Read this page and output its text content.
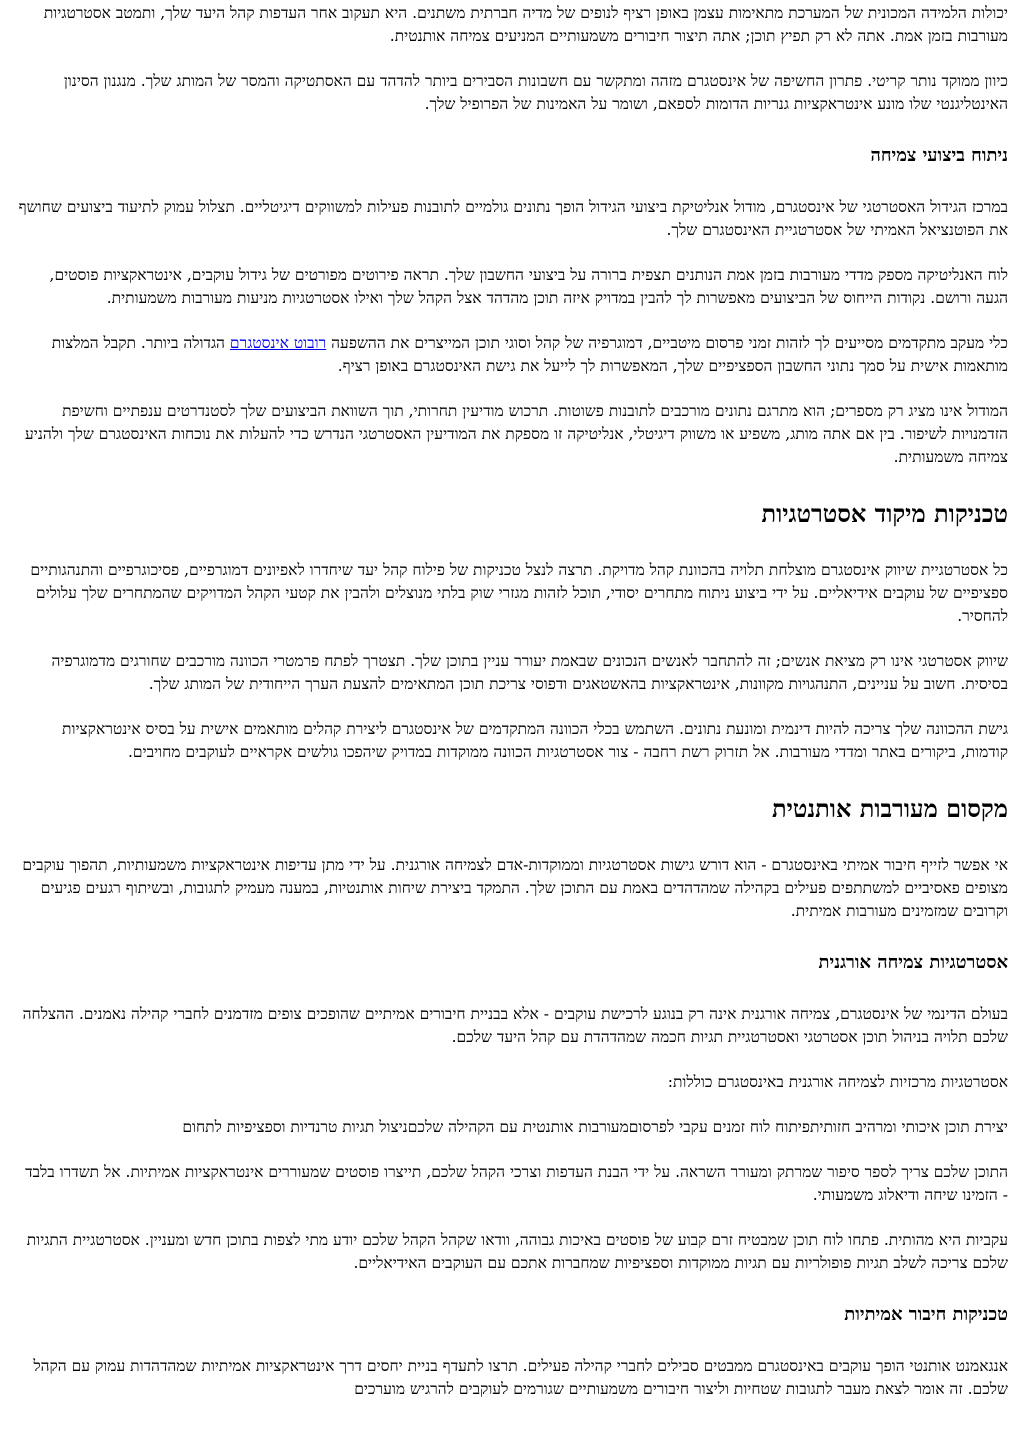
יכולות הלמידה המכונית של המערכת מתאימות עצמן באופן רציף לנופים של מדיה חברתית משתנים. היא תעקוב אחר העדפות קהל היעד שלך, ותמטב אסטרטגיות מעורבות בזמן אמת. אתה לא רק תפיץ תוכן; אתה תיצור חיבורים משמעותיים המניעים צמיחה אותנטית.

כיוון ממוקד נותר קריטי. פתרון החשיפה של אינסטגרם מזהה ומתקשר עם חשבונות הסבירים ביותר להדהד עם האסתטיקה והמסר של המותג שלך. מנגנון הסינון האינטליגנטי שלו מונע אינטראקציות גנריות הדומות לספאם, ושומר על האמינות של הפרופיל שלך.

ניתוח ביצועי צמיחה

במרכז הגידול האסטרטגי של אינסטגרם, מודול אנליטיקת ביצועי הגידול הופך נתונים גולמיים לתובנות פעילות למשווקים דיגיטליים. תצלול עמוק לתיעוד ביצועים שחושף את הפוטנציאל האמיתי של אסטרטגיית האינסטגרם שלך.

לוח האנליטיקה מספק מדדי מעורבות בזמן אמת הנותנים תצפית ברורה על ביצועי החשבון שלך. תראה פירוטים מפורטים של גידול עוקבים, אינטראקציות פוסטים, הגעה ורושם. נקודות הייחוס של הביצועים מאפשרות לך להבין במדויק איזה תוכן מהדהד אצל הקהל שלך ואילו אסטרטגיות מניעות מעורבות משמעותית.

כלי מעקב מתקדמים מסייעים לך לזהות זמני פרסום מיטביים, דמוגרפיה של קהל וסוגי תוכן המייצרים את ההשפעה רובוט אינסטגרם הגדולה ביותר. תקבל המלצות מותאמות אישית על סמך נתוני החשבון הספציפיים שלך, המאפשרות לך לייעל את גישת האינסטגרם באופן רציף.

המודול אינו מציג רק מספרים; הוא מתרגם נתונים מורכבים לתובנות פשוטות. תרכוש מודיעין תחרותי, תוך השוואת הביצועים שלך לסטנדרטים ענפתיים וחשיפת הזדמנויות לשיפור. בין אם אתה מותג, משפיע או משווק דיגיטלי, אנליטיקה זו מספקת את המודיעין האסטרטגי הנדרש כדי להעלות את נוכחות האינסטגרם שלך ולהניע צמיחה משמעותית.

טכניקות מיקוד אסטרטגיות

כל אסטרטגיית שיווק אינסטגרם מוצלחת תלויה בהכוונת קהל מדויקת. תרצה לנצל טכניקות של פילוח קהל יעד שיחדרו לאפיונים דמוגרפיים, פסיכוגרפיים והתנהגותיים ספציפיים של עוקבים אידיאליים. על ידי ביצוע ניתוח מתחרים יסודי, תוכל לזהות מגזרי שוק בלתי מנוצלים ולהבין את קטעי הקהל המדויקים שהמתחרים שלך עלולים להחסיר.

שיווק אסטרטגי אינו רק מציאת אנשים; זה להתחבר לאנשים הנכונים שבאמת יעורר עניין בתוכן שלך. תצטרך לפתח פרמטרי הכוונה מורכבים שחורגים מדמוגרפיה בסיסית. חשוב על עניינים, התנהגויות מקוונות, אינטראקציות בהאשטאגים ודפוסי צריכת תוכן המתאימים להצעת הערך הייחודית של המותג שלך.

גישת ההכוונה שלך צריכה להיות דינמית ומונעת נתונים. השתמש בכלי הכוונה המתקדמים של אינסטגרם ליצירת קהלים מותאמים אישית על בסיס אינטראקציות קודמות, ביקורים באתר ומדדי מעורבות. אל תזרוק רשת רחבה - צור אסטרטגיות הכוונה ממוקדות במדויק שיהפכו גולשים אקראיים לעוקבים מחויבים.

מקסום מעורבות אותנטית

אי אפשר לזייף חיבור אמיתי באינסטגרם - הוא דורש גישות אסטרטגיות וממוקדות-אדם לצמיחה אורגנית. על ידי מתן עדיפות אינטראקציות משמעותיות, תהפוך עוקבים מצופים פאסיביים למשתתפים פעילים בקהילה שמהדהדים באמת עם התוכן שלך. התמקד ביצירת שיחות אותנטיות, במענה מעמיק לתגובות, ובשיתוף רגעים פגיעים וקרובים שמזמינים מעורבות אמיתית.

אסטרטגיות צמיחה אורגנית

בעולם הדינמי של אינסטגרם, צמיחה אורגנית אינה רק בנוגע לרכישת עוקבים - אלא בבניית חיבורים אמיתיים שהופכים צופים מזדמנים לחברי קהילה נאמנים. ההצלחה שלכם תלויה בניהול תוכן אסטרטגי ואסטרטגיית תגיות חכמה שמהדהדת עם קהל היעד שלכם.

אסטרטגיות מרכזיות לצמיחה אורגנית באינסטגרם כוללות:

יצירת תוכן איכותי ומרהיב חזותיתפיתוח לוח זמנים עקבי לפרסוםמעורבות אותנטית עם הקהילה שלכםניצול תגיות טרנדיות וספציפיות לתחום

התוכן שלכם צריך לספר סיפור שמרתק ומעורר השראה. על ידי הבנת העדפות וצרכי הקהל שלכם, תייצרו פוסטים שמעוררים אינטראקציות אמיתיות. אל תשדרו בלבד - הזמינו שיחה ודיאלוג משמעותי.

עקביות היא מהותית. פתחו לוח תוכן שמבטיח זרם קבוע של פוסטים באיכות גבוהה, וודאו שקהל הקהל שלכם יודע מתי לצפות בתוכן חדש ומעניין. אסטרטגיית התגיות שלכם צריכה לשלב תגיות פופולריות עם תגיות ממוקדות וספציפיות שמחברות אתכם עם העוקבים האידיאליים.

טכניקות חיבור אמיתיות

אנגאמנט אותנטי הופך עוקבים באינסטגרם ממבטים סבילים לחברי קהילה פעילים. תרצו לתעדף בניית יחסים דרך אינטראקציות אמיתיות שמהדהדות עמוק עם הקהל שלכם. זה אומר לצאת מעבר לתגובות שטחיות וליצור חיבורים משמעותיים שגורמים לעוקבים להרגיש מוערכים
